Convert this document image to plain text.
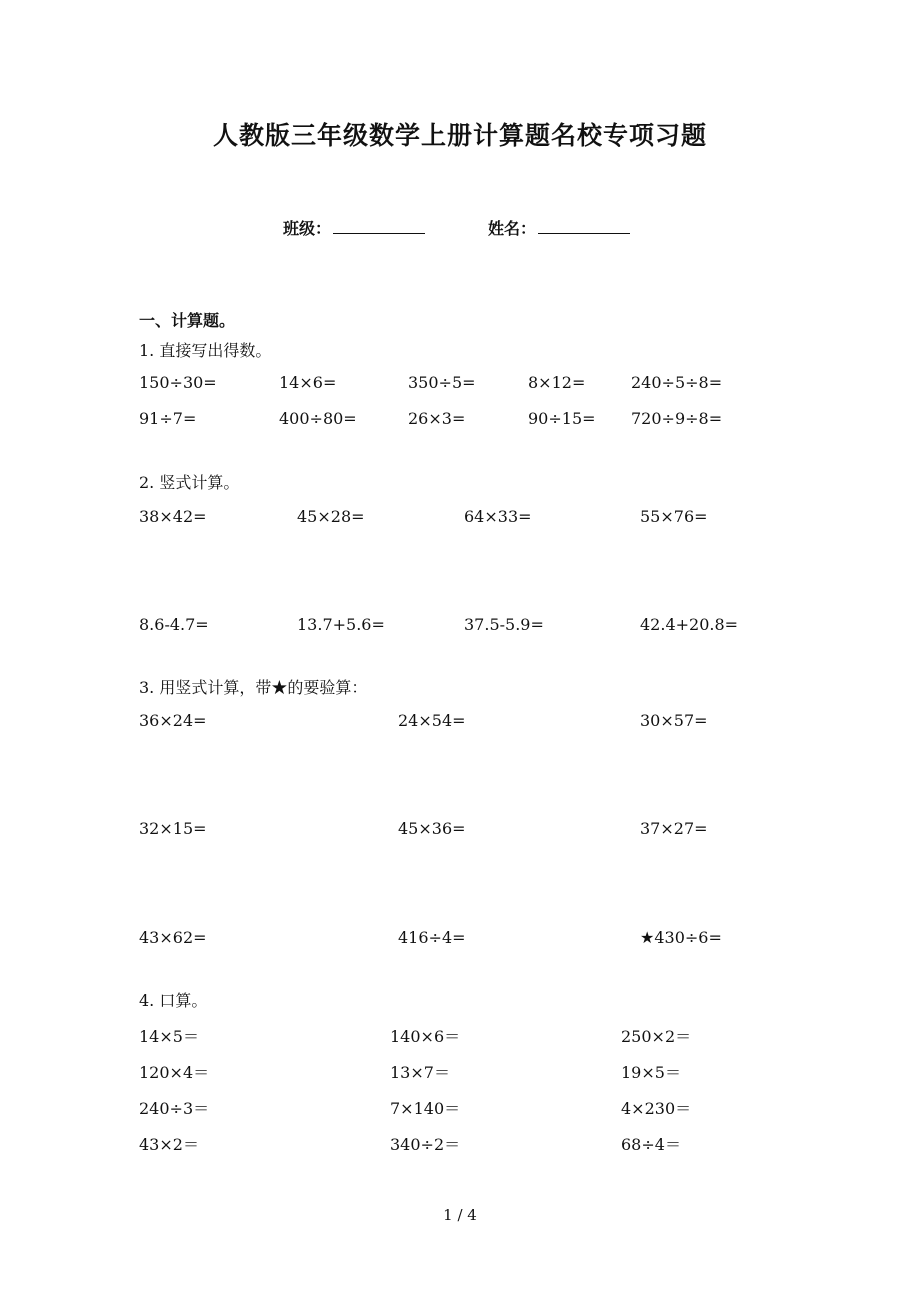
人教版三年级数学上册计算题名校专项习题
班级：	姓名：
一、计算题。
1. 直接写出得数。
150÷30=	14×6=	350÷5=	8×12=	240÷5÷8=
91÷7=	400÷80=	26×3=	90÷15= 720÷9÷8=
2. 竖式计算。
38×42=	45×28=	64×33=	55×76=
8.6-4.7=	13.7+5.6=	37.5-5.9=	42.4+20.8=
3. 用竖式计算，带★的要验算：
36×24=	24×54=	30×57=
32×15=	45×36=	37×27=
43×62=	416÷4=	★430÷6=
4. 口算。
14×5＝	140×6＝	250×2＝
120×4＝	13×7＝	19×5＝
240÷3＝	7×140＝	4×230＝
43×2＝	340÷2＝	68÷4＝
1 / 4
